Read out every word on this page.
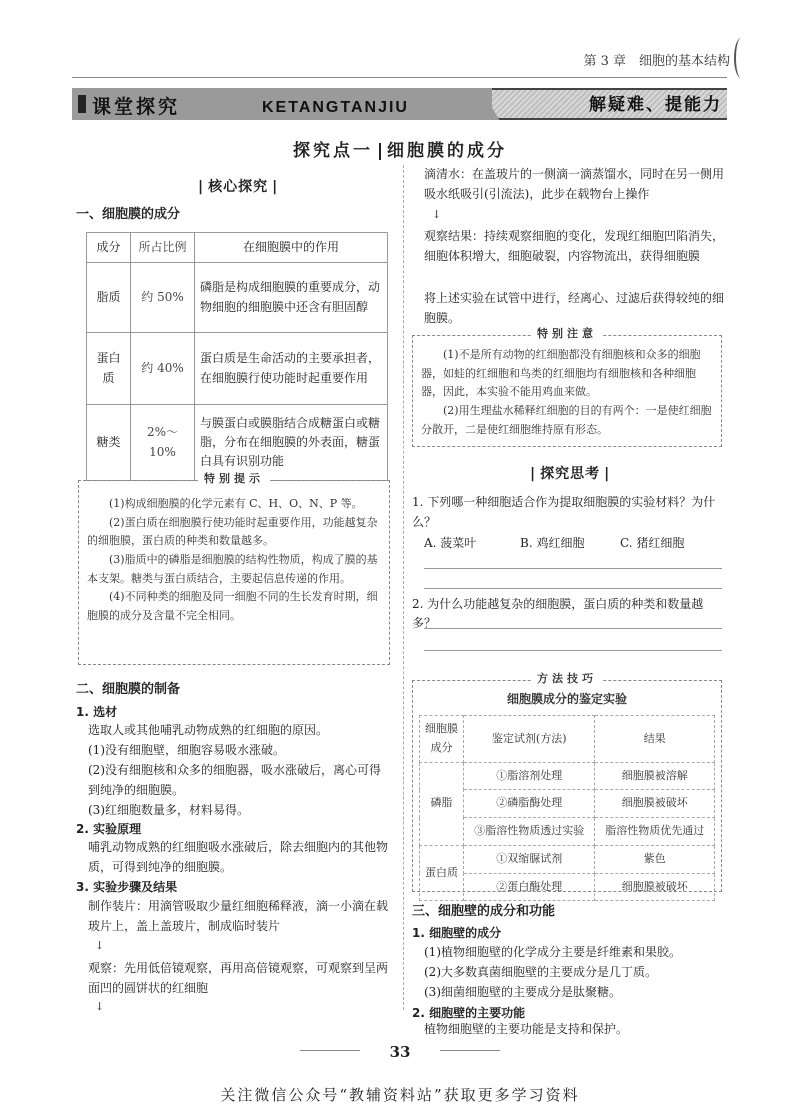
第 3 章　细胞的基本结构
课堂探究	KETANGTANJIU	解疑难、提能力
探究点一 细胞膜的成分
| 核心探究 |
一、细胞膜的成分
成分	所占比例	在细胞膜中的作用
脂质	约 50%	磷脂是构成细胞膜的重要成分，动物细胞的细胞膜中还含有胆固醇
蛋白质	约 40%	蛋白质是生命活动的主要承担者，在细胞膜行使功能时起重要作用
糖类	2%～10%	与膜蛋白或膜脂结合成糖蛋白或糖脂，分布在细胞膜的外表面，糖蛋白具有识别功能
特别提示

(1)构成细胞膜的化学元素有 C、H、O、N、P 等。

(2)蛋白质在细胞膜行使功能时起重要作用，功能越复杂的细胞膜，蛋白质的种类和数量越多。

(3)脂质中的磷脂是细胞膜的结构性物质，构成了膜的基本支架。糖类与蛋白质结合，主要起信息传递的作用。

(4)不同种类的细胞及同一细胞不同的生长发育时期，细胞膜的成分及含量不完全相同。

二、细胞膜的制备
1. 选材

选取人或其他哺乳动物成熟的红细胞的原因。

(1)没有细胞壁，细胞容易吸水涨破。

(2)没有细胞核和众多的细胞器，吸水涨破后，离心可得到纯净的细胞膜。

(3)红细胞数量多，材料易得。

2. 实验原理
哺乳动物成熟的红细胞吸水涨破后，除去细胞内的其他物质，可得到纯净的细胞膜。
3. 实验步骤及结果
制作装片：用滴管吸取少量红细胞稀释液，滴一小滴在载玻片上，盖上盖玻片，制成临时装片
↓
观察：先用低倍镜观察，再用高倍镜观察，可观察到呈两面凹的圆饼状的红细胞
↓
滴清水：在盖玻片的一侧滴一滴蒸馏水，同时在另一侧用吸水纸吸引(引流法)，此步在载物台上操作
↓
观察结果：持续观察细胞的变化，发现红细胞凹陷消失，细胞体积增大，细胞破裂，内容物流出，获得细胞膜
将上述实验在试管中进行，经离心、过滤后获得较纯的细胞膜。
特别注意

(1)不是所有动物的红细胞都没有细胞核和众多的细胞器，如蛙的红细胞和鸟类的红细胞均有细胞核和各种细胞器，因此，本实验不能用鸡血来做。

(2)用生理盐水稀释红细胞的目的有两个：一是使红细胞分散开，二是使红细胞维持原有形态。

| 探究思考 |
1. 下列哪一种细胞适合作为提取细胞膜的实验材料？为什么？
A. 菠菜叶	B. 鸡红细胞	C. 猪红细胞
2. 为什么功能越复杂的细胞膜，蛋白质的种类和数量越多？
方法技巧
细胞膜成分的鉴定实验
细胞膜成分	鉴定试剂(方法)	结果
磷脂	①脂溶剂处理	细胞膜被溶解
	②磷脂酶处理	细胞膜被破坏
	③脂溶性物质透过实验	脂溶性物质优先通过
蛋白质	①双缩脲试剂	紫色
	②蛋白酶处理	细胞膜被破坏
三、细胞壁的成分和功能
1. 细胞壁的成分

(1)植物细胞壁的化学成分主要是纤维素和果胶。

(2)大多数真菌细胞壁的主要成分是几丁质。

(3)细菌细胞壁的主要成分是肽聚糖。

2. 细胞壁的主要功能
植物细胞壁的主要功能是支持和保护。
33
关注微信公众号“教辅资料站”获取更多学习资料
